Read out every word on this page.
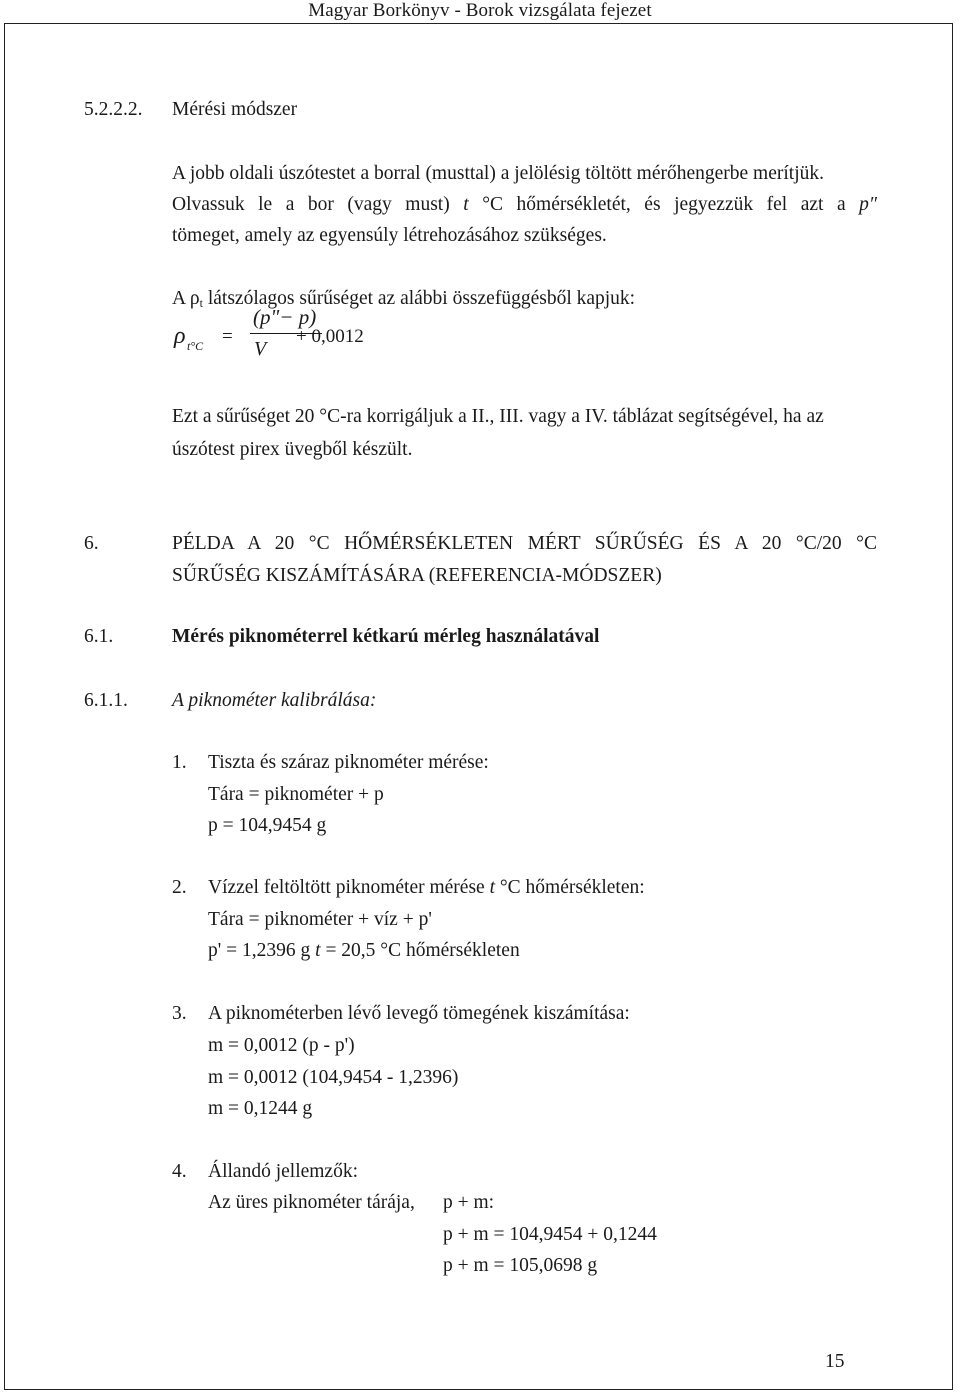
Magyar Borkönyv - Borok vizsgálata fejezet
5.2.2.2. Mérési módszer
A jobb oldali úszótestet a borral (musttal) a jelölésig töltött mérőhengerbe merítjük.
Olvassuk le a bor (vagy must) t °C hőmérsékletét, és jegyezzük fel azt a p″
tömeget, amely az egyensúly létrehozásához szükséges.
A $\rho_t$ látszólagos sűrűséget az alábbi összefüggésből kapjuk:
ρ t°C =
(p"− p)
V
+ 0,0012
Ezt a sűrűséget 20 °C-ra korrigáljuk a II., III. vagy a IV. táblázat segítségével, ha az
úszótest pirex üvegből készült.
6.	PÉLDA A 20 °C HŐMÉRSÉKLETEN MÉRT SŰRŰSÉG ÉS A 20 °C/20 °C
SŰRŰSÉG KISZÁMÍTÁSÁRA (REFERENCIA-MÓDSZER)
6.1.	Mérés piknométerrel kétkarú mérleg használatával
6.1.1. A piknométer kalibrálása:
1. Tiszta és száraz piknométer mérése:
Tára = piknométer + p
p = 104,9454 g
2. Vízzel feltöltött piknométer mérése t °C hőmérsékleten:
Tára = piknométer + víz + p'
p' = 1,2396 g t = 20,5 °C hőmérsékleten
3. A piknométerben lévő levegő tömegének kiszámítása:
m = 0,0012 (p - p')
m = 0,0012 (104,9454 - 1,2396)
m = 0,1244 g
4. Állandó jellemzők:
Az üres piknométer tárája, p + m:
p + m = 104,9454 + 0,1244
p + m = 105,0698 g
15
